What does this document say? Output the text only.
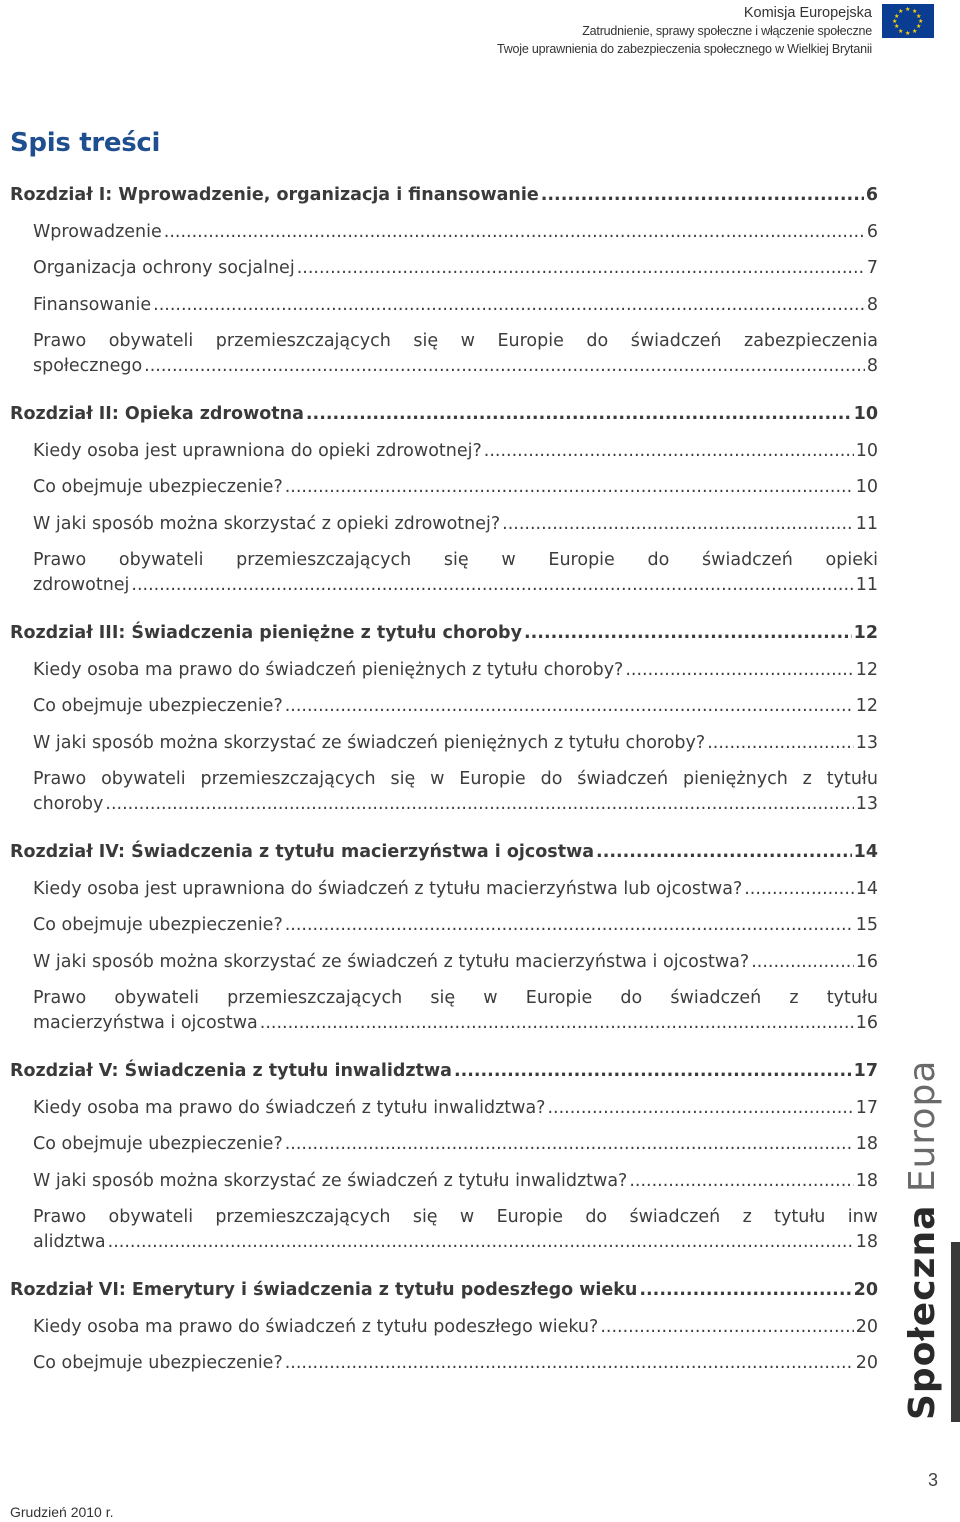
Komisja Europejska
Zatrudnienie, sprawy społeczne i włączenie społeczne
Twoje uprawnienia do zabezpieczenia społecznego w Wielkiej Brytanii
★ ★
★
★
★
★
★
★
★
★
★
★
Spis treści
Rozdział I: Wprowadzenie, organizacja i finansowanie .....	6
Wprowadzenie .....	6
Organizacja ochrony socjalnej .....	7
Finansowanie .....	8
Prawo obywateli przemieszczających się w Europie do świadczeń zabezpieczenia
społecznego .....	8
Rozdział II: Opieka zdrowotna .....	10
Kiedy osoba jest uprawniona do opieki zdrowotnej? .....	10
Co obejmuje ubezpieczenie? .....	10
W jaki sposób można skorzystać z opieki zdrowotnej? .....	11
Prawo obywateli przemieszczających się w Europie do świadczeń opieki
zdrowotnej .....	11
Rozdział III: Świadczenia pieniężne z tytułu choroby .....	12
Kiedy osoba ma prawo do świadczeń pieniężnych z tytułu choroby? .....	12
Co obejmuje ubezpieczenie? .....	12
W jaki sposób można skorzystać ze świadczeń pieniężnych z tytułu choroby? .....	13
Prawo obywateli przemieszczających się w Europie do świadczeń pieniężnych z tytułu
choroby .....	13
Rozdział IV: Świadczenia z tytułu macierzyństwa i ojcostwa .....	14
Kiedy osoba jest uprawniona do świadczeń z tytułu macierzyństwa lub ojcostwa? .....	14
Co obejmuje ubezpieczenie? .....	15
W jaki sposób można skorzystać ze świadczeń z tytułu macierzyństwa i ojcostwa? .....	16
Prawo obywateli przemieszczających się w Europie do świadczeń z tytułu
macierzyństwa i ojcostwa .....	16
Rozdział V: Świadczenia z tytułu inwalidztwa .....	17
Kiedy osoba ma prawo do świadczeń z tytułu inwalidztwa? .....	17
Co obejmuje ubezpieczenie? .....	18
W jaki sposób można skorzystać ze świadczeń z tytułu inwalidztwa? .....	18
Prawo obywateli przemieszczających się w Europie do świadczeń z tytułu inw
alidztwa .....	18
Rozdział VI: Emerytury i świadczenia z tytułu podeszłego wieku .....	20
Kiedy osoba ma prawo do świadczeń z tytułu podeszłego wieku? .....	20
Co obejmuje ubezpieczenie? .....	20 Społeczna Europa
3
Grudzień 2010 r.
